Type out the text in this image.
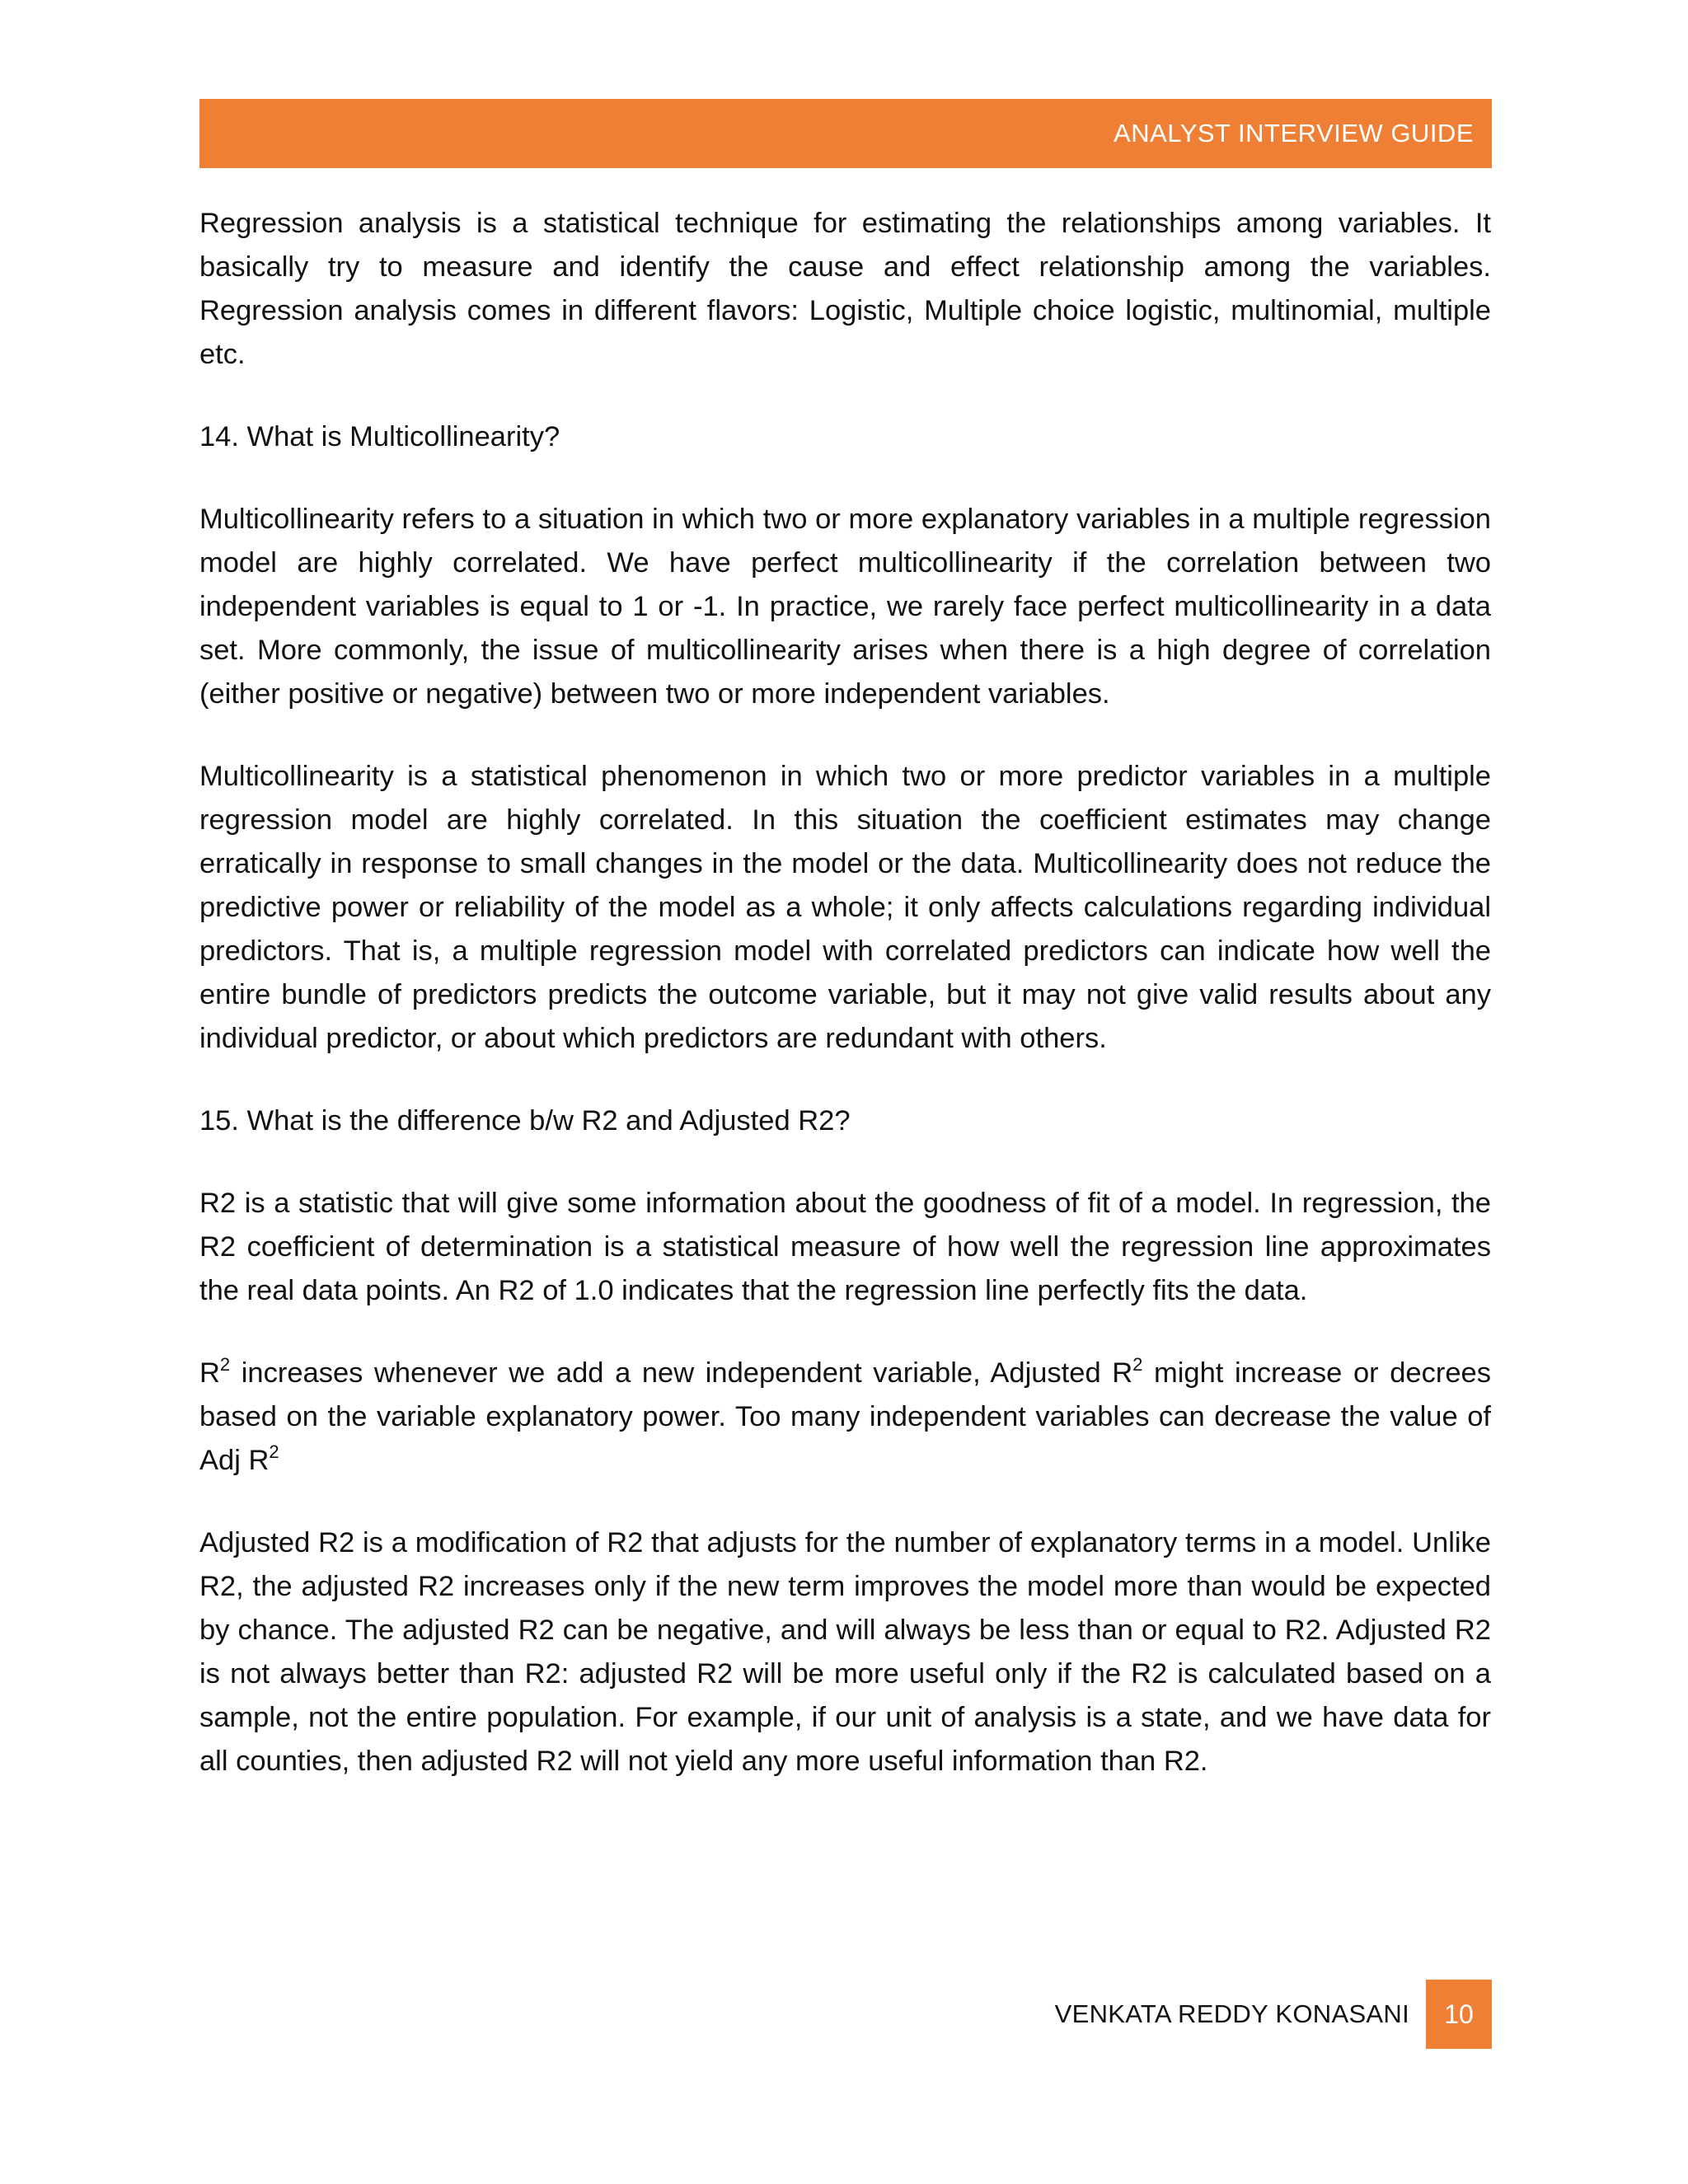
ANALYST INTERVIEW GUIDE

Regression analysis is a statistical technique for estimating the relationships among variables. It basically try to measure and identify the cause and effect relationship among the variables. Regression analysis comes in different flavors: Logistic, Multiple choice logistic, multinomial, multiple etc.

14. What is Multicollinearity?

Multicollinearity refers to a situation in which two or more explanatory variables in a multiple regression model are highly correlated. We have perfect multicollinearity if the correlation between two independent variables is equal to 1 or -1. In practice, we rarely face perfect multicollinearity in a data set. More commonly, the issue of multicollinearity arises when there is a high degree of correlation (either positive or negative) between two or more independent variables.

Multicollinearity is a statistical phenomenon in which two or more predictor variables in a multiple regression model are highly correlated. In this situation the coefficient estimates may change erratically in response to small changes in the model or the data. Multicollinearity does not reduce the predictive power or reliability of the model as a whole; it only affects calculations regarding individual predictors. That is, a multiple regression model with correlated predictors can indicate how well the entire bundle of predictors predicts the outcome variable, but it may not give valid results about any individual predictor, or about which predictors are redundant with others.

15. What is the difference b/w R2 and Adjusted R2?

R2 is a statistic that will give some information about the goodness of fit of a model. In regression, the R2 coefficient of determination is a statistical measure of how well the regression line approximates the real data points. An R2 of 1.0 indicates that the regression line perfectly fits the data.

$R^2$ increases whenever we add a new independent variable, Adjusted $R^2$ might increase or decrees based on the variable explanatory power. Too many independent variables can decrease the value of Adj $R^2$

Adjusted R2 is a modification of R2 that adjusts for the number of explanatory terms in a model. Unlike R2, the adjusted R2 increases only if the new term improves the model more than would be expected by chance. The adjusted R2 can be negative, and will always be less than or equal to R2. Adjusted R2 is not always better than R2: adjusted R2 will be more useful only if the R2 is calculated based on a sample, not the entire population. For example, if our unit of analysis is a state, and we have data for all counties, then adjusted R2 will not yield any more useful information than R2.

VENKATA REDDY KONASANI 10
